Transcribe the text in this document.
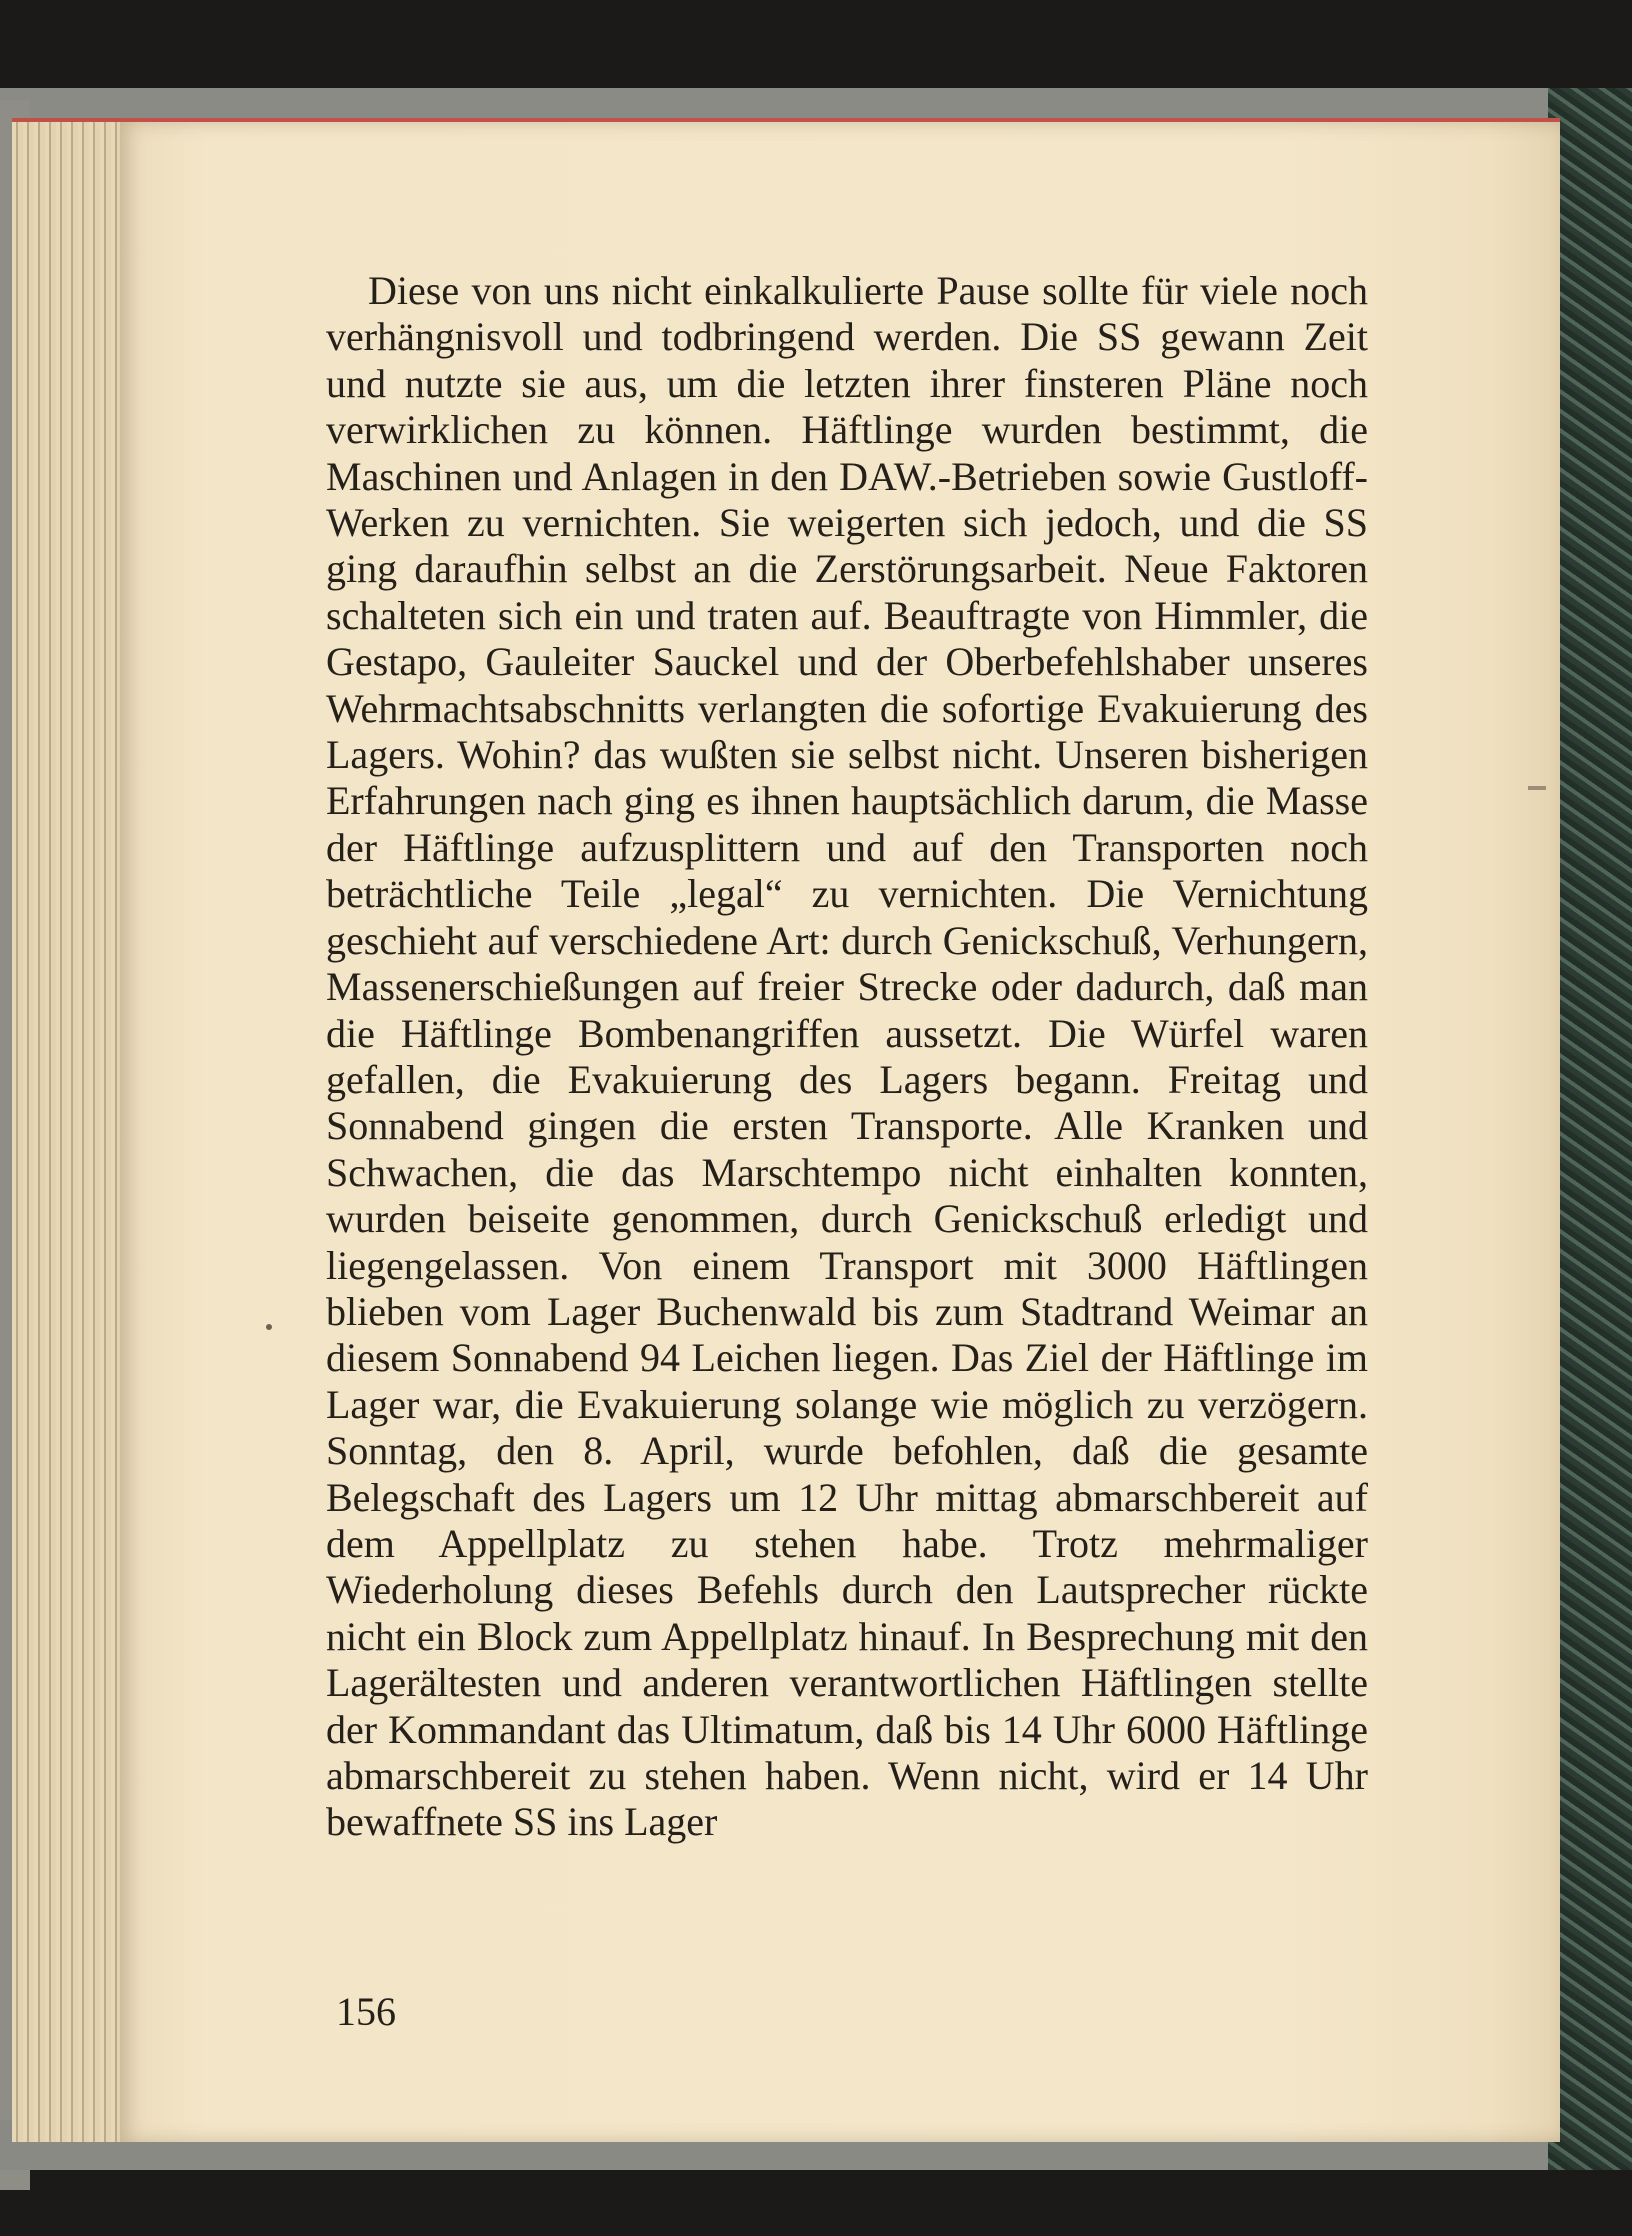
Diese von uns nicht einkalkulierte Pause sollte für viele noch verhängnisvoll und todbringend werden. Die SS gewann Zeit und nutzte sie aus, um die letzten ihrer finsteren Pläne noch verwirklichen zu können. Häftlinge wurden bestimmt, die Maschinen und Anlagen in den DAW.-Betrieben sowie Gustloff-Werken zu vernichten. Sie weigerten sich jedoch, und die SS ging daraufhin selbst an die Zerstörungsarbeit. Neue Faktoren schalteten sich ein und traten auf. Beauftragte von Himmler, die Gestapo, Gauleiter Sauckel und der Oberbefehlshaber unseres Wehrmachtsabschnitts verlangten die sofortige Evakuierung des Lagers. Wohin? das wußten sie selbst nicht. Unseren bisherigen Erfahrungen nach ging es ihnen hauptsächlich darum, die Masse der Häftlinge aufzusplittern und auf den Transporten noch beträchtliche Teile „legal“ zu vernichten. Die Vernichtung geschieht auf verschiedene Art: durch Genickschuß, Verhungern, Massenerschießungen auf freier Strecke oder dadurch, daß man die Häftlinge Bombenangriffen aussetzt. Die Würfel waren gefallen, die Evakuierung des Lagers begann. Freitag und Sonnabend gingen die ersten Transporte. Alle Kranken und Schwachen, die das Marschtempo nicht einhalten konnten, wurden beiseite genommen, durch Genickschuß erledigt und liegengelassen. Von einem Transport mit 3000 Häftlingen blieben vom Lager Buchenwald bis zum Stadtrand Weimar an diesem Sonnabend 94 Leichen liegen. Das Ziel der Häftlinge im Lager war, die Evakuierung solange wie möglich zu verzögern. Sonntag, den 8. April, wurde befohlen, daß die gesamte Belegschaft des Lagers um 12 Uhr mittag abmarschbereit auf dem Appellplatz zu stehen habe. Trotz mehrmaliger Wiederholung dieses Befehls durch den Lautsprecher rückte nicht ein Block zum Appellplatz hinauf. In Besprechung mit den Lagerältesten und anderen verantwortlichen Häftlingen stellte der Kommandant das Ultimatum, daß bis 14 Uhr 6000 Häftlinge abmarschbereit zu stehen haben. Wenn nicht, wird er 14 Uhr bewaffnete SS ins Lager

156
